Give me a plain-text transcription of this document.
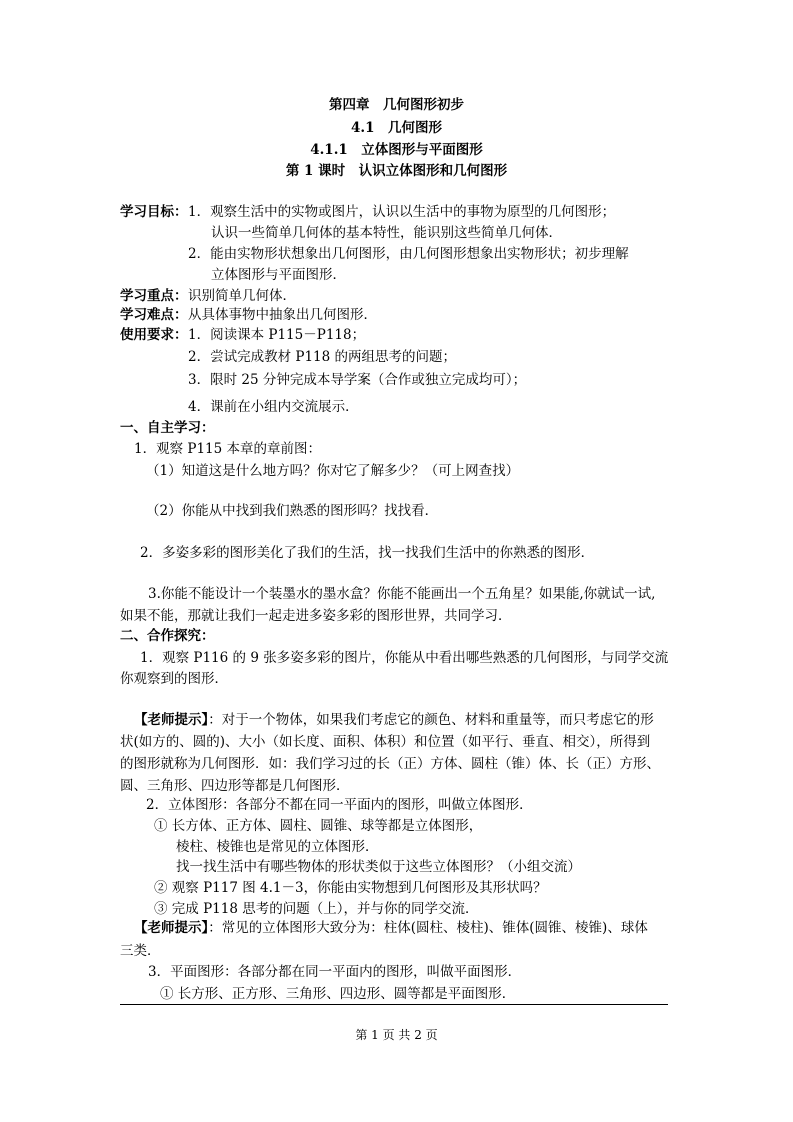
第四章　几何图形初步
4.1　几何图形
4.1.1　立体图形与平面图形
第 1 课时　认识立体图形和几何图形
学习目标： 1．观察生活中的实物或图片，认识以生活中的事物为原型的几何图形；
认识一些简单几何体的基本特性，能识别这些简单几何体．
2．能由实物形状想象出几何图形，由几何图形想象出实物形状；初步理解
立体图形与平面图形．
学习重点： 识别简单几何体．
学习难点： 从具体事物中抽象出几何图形．
使用要求： 1．阅读课本 P115－P118；
2．尝试完成教材 P118 的两组思考的问题；
3．限时 25 分钟完成本导学案（合作或独立完成均可）；
4．课前在小组内交流展示．
一、自主学习：
1．观察 P115 本章的章前图：
（1）知道这是什么地方吗？你对它了解多少？（可上网查找）
（2）你能从中找到我们熟悉的图形吗？找找看．
2．多姿多彩的图形美化了我们的生活，找一找我们生活中的你熟悉的图形．
3.你能不能设计一个装墨水的墨水盒？你能不能画出一个五角星？如果能,你就试一试,
如果不能，那就让我们一起走进多姿多彩的图形世界，共同学习．
二、合作探究：
1．观察 P116 的 9 张多姿多彩的图片，你能从中看出哪些熟悉的几何图形，与同学交流
你观察到的图形．
【老师提示】：对于一个物体，如果我们考虑它的颜色、材料和重量等，而只考虑它的形
状(如方的、圆的)、大小（如长度、面积、体积）和位置（如平行、垂直、相交），所得到
的图形就称为几何图形．如：我们学习过的长（正）方体、圆柱（锥）体、长（正）方形、
圆、三角形、四边形等都是几何图形．
2．立体图形：各部分不都在同一平面内的图形，叫做立体图形．
① 长方体、正方体、圆柱、圆锥、球等都是立体图形，
棱柱、棱锥也是常见的立体图形．
找一找生活中有哪些物体的形状类似于这些立体图形？（小组交流）
② 观察 P117 图 4.1－3，你能由实物想到几何图形及其形状吗？
③ 完成 P118 思考的问题（上），并与你的同学交流．
【老师提示】：常见的立体图形大致分为：柱体(圆柱、棱柱)、锥体(圆锥、棱锥)、球体
三类．
3．平面图形：各部分都在同一平面内的图形，叫做平面图形．
① 长方形、正方形、三角形、四边形、圆等都是平面图形．
第 1 页 共 2 页
